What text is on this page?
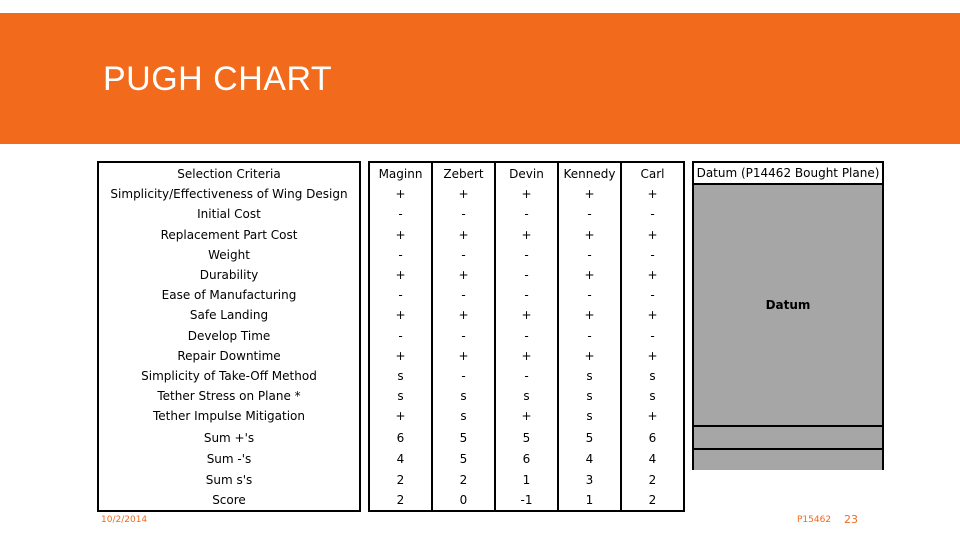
PUGH CHART
Selection Criteria		Maginn	Zebert	Devin	Kennedy	Carl		Datum (P14462 Bought Plane)
Simplicity/Effectiveness of Wing Design		+	+	+	+	+		Datum
Initial Cost		-	-	-	-	-		
Replacement Part Cost		+	+	+	+	+		
Weight		-	-	-	-	-		
Durability		+	+	-	+	+		
Ease of Manufacturing		-	-	-	-	-		
Safe Landing		+	+	+	+	+		
Develop Time		-	-	-	-	-		
Repair Downtime		+	+	+	+	+		
Simplicity of Take-Off Method		s	-	-	s	s		
Tether Stress on Plane *		s	s	s	s	s		
Tether Impulse Mitigation		+	s	+	s	+		
Sum +'s		6	5	5	5	6		
Sum -'s		4	5	6	4	4		
Sum s's		2	2	1	3	2		
Score		2	0	-1	1	2		
10/2/2014	P15462 23
